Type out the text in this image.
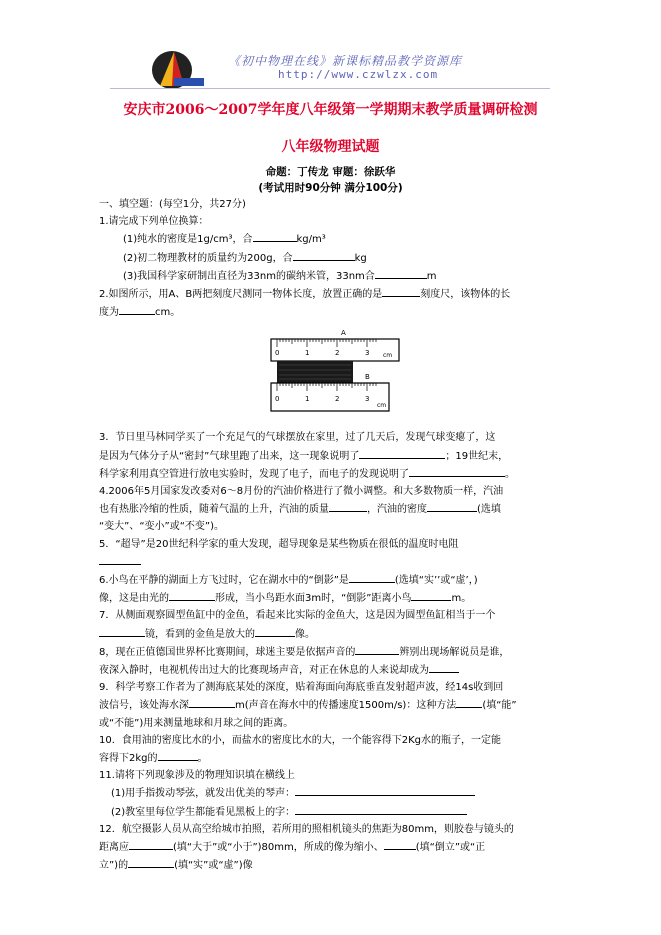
《初中物理在线》新课标精品教学资源库
http://www.czwlzx.com
安庆市2006～2007学年度八年级第一学期期末教学质量调研检测
八年级物理试题
命题：丁传龙 审题：徐跃华
(考试用时90分钟 满分100分)

一、填空题：(每空1分，共27分)

1.请完成下列单位换算：

(1)纯水的密度是1g/cm³，合	kg/m³

(2)初二物理教材的质量约为200g，合	kg

(3)我国科学家研制出直径为33nm的碳纳米管，33nm合	m

2.如图所示，用A、B两把刻度尺测同一物体长度，放置正确的是	刻度尺，该物体的长

度为	cm。

A
0	1	2	3 cm
B
0	1	2	3
cm

3．节日里马林同学买了一个充足气的气球摆放在家里，过了几天后，发现气球变瘪了，这

是因为气体分子从“密封”气球里跑了出来，这一现象说明了	；19世纪末，

科学家利用真空管进行放电实验时，发现了电子，而电子的发现说明了	。

4.2006年5月国家发改委对6～8月份的汽油价格进行了微小调整。和大多数物质一样，汽油

也有热胀冷缩的性质，随着气温的上升，汽油的质量	，汽油的密度	(选填

“变大”、“变小”或“不变”)。

5．“超导”是20世纪科学家的重大发现，超导现象是某些物质在很低的温度时电阻

6.小鸟在平静的湖面上方飞过时，它在湖水中的“倒影”是	(选填“实’’或“虚’，)

像，这是由光的	形成，当小鸟距水面3m时，“倒影”距离小鸟	m。

7．从侧面观察圆型鱼缸中的金鱼，看起来比实际的金鱼大，这是因为圆型鱼缸相当于一个

镜，看到的金鱼是放大的	像。

8，现在正值德国世界杯比赛期间，球迷主要是依据声音的	辨别出现场解说员是谁，

夜深入静时，电视机传出过大的比赛现场声音，对正在休息的人来说却成为

9．科学考察工作者为了测海底某处的深度，贴着海面向海底垂直发射超声波，经14s收到回

波信号，该处海水深	m(声音在海水中的传播速度1500m/s)：这种方法	(填“能”

或“不能”)用来测量地球和月球之间的距离。

10．食用油的密度比水的小，而盐水的密度比水的大，一个能容得下2Kg水的瓶子，一定能

容得下2kg的	。

11.请将下列现象涉及的物理知识填在横线上

(1)用手指拨动琴弦，就发出优美的琴声：

(2)教室里每位学生都能看见黑板上的字：

12．航空摄影人员从高空给城市拍照，若所用的照相机镜头的焦距为80mm，则胶卷与镜头的

距离应	(填“大于”或“小于”)80mm，所成的像为缩小、	(填“倒立”或“正

立”)的	(填“实”或“虚”)像
